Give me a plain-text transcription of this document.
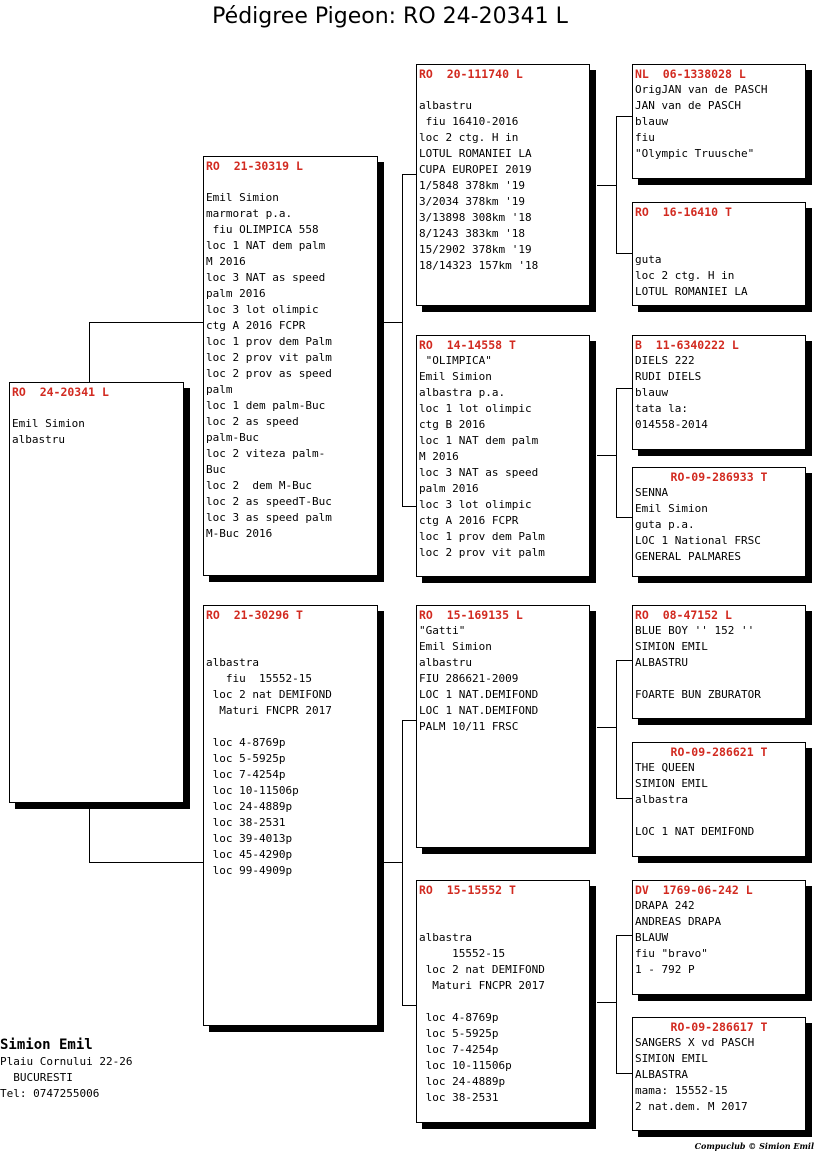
Pédigree Pigeon: RO 24-20341 L
RO  24-20341 L

Emil Simion
albastru
RO  21-30319 L

Emil Simion
marmorat p.a.
fiu OLIMPICA 558
loc 1 NAT dem palm
M 2016
loc 3 NAT as speed
palm 2016
loc 3 lot olimpic
ctg A 2016 FCPR
loc 1 prov dem Palm
loc 2 prov vit palm
loc 2 prov as speed
palm
loc 1 dem palm-Buc
loc 2 as speed
palm-Buc
loc 2 viteza palm-
Buc
loc 2  dem M-Buc
loc 2 as speedT-Buc
loc 3 as speed palm
M-Buc 2016
RO  21-30296 T

albastra
fiu  15552-15
loc 2 nat DEMIFOND
Maturi FNCPR 2017

loc 4-8769p
loc 5-5925p
loc 7-4254p
loc 10-11506p
loc 24-4889p
loc 38-2531
loc 39-4013p
loc 45-4290p
loc 99-4909p
RO  20-111740 L

albastru
fiu 16410-2016
loc 2 ctg. H in
LOTUL ROMANIEI LA
CUPA EUROPEI 2019
1/5848 378km '19
3/2034 378km '19
3/13898 308km '18
8/1243 383km '18
15/2902 378km '19
18/14323 157km '18
RO  14-14558 T
"OLIMPICA"
Emil Simion
albastra p.a.
loc 1 lot olimpic
ctg B 2016
loc 1 NAT dem palm
M 2016
loc 3 NAT as speed
palm 2016
loc 3 lot olimpic
ctg A 2016 FCPR
loc 1 prov dem Palm
loc 2 prov vit palm
RO  15-169135 L
"Gatti"
Emil Simion
albastru
FIU 286621-2009
LOC 1 NAT.DEMIFOND
LOC 1 NAT.DEMIFOND
PALM 10/11 FRSC
RO  15-15552 T

albastra
15552-15
loc 2 nat DEMIFOND
Maturi FNCPR 2017

loc 4-8769p
loc 5-5925p
loc 7-4254p
loc 10-11506p
loc 24-4889p
loc 38-2531
NL  06-1338028 L
OrigJAN van de PASCH
JAN van de PASCH
blauw
fiu
"Olympic Truusche"
RO  16-16410 T

guta
loc 2 ctg. H in
LOTUL ROMANIEI LA
B  11-6340222 L
DIELS 222
RUDI DIELS
blauw
tata la:
014558-2014
RO-09-286933 T
SENNA
Emil Simion
guta p.a.
LOC 1 National FRSC
GENERAL PALMARES
RO  08-47152 L
BLUE BOY '' 152 ''
SIMION EMIL
ALBASTRU

FOARTE BUN ZBURATOR
RO-09-286621 T
THE QUEEN
SIMION EMIL
albastra

LOC 1 NAT DEMIFOND
DV  1769-06-242 L
DRAPA 242
ANDREAS DRAPA
BLAUW
fiu "bravo"
1 - 792 P
RO-09-286617 T
SANGERS X vd PASCH
SIMION EMIL
ALBASTRA
mama: 15552-15
2 nat.dem. M 2017
Simion Emil
Plaiu Cornului 22-26
BUCURESTI
Tel: 0747255006
Compuclub © Simion Emil
